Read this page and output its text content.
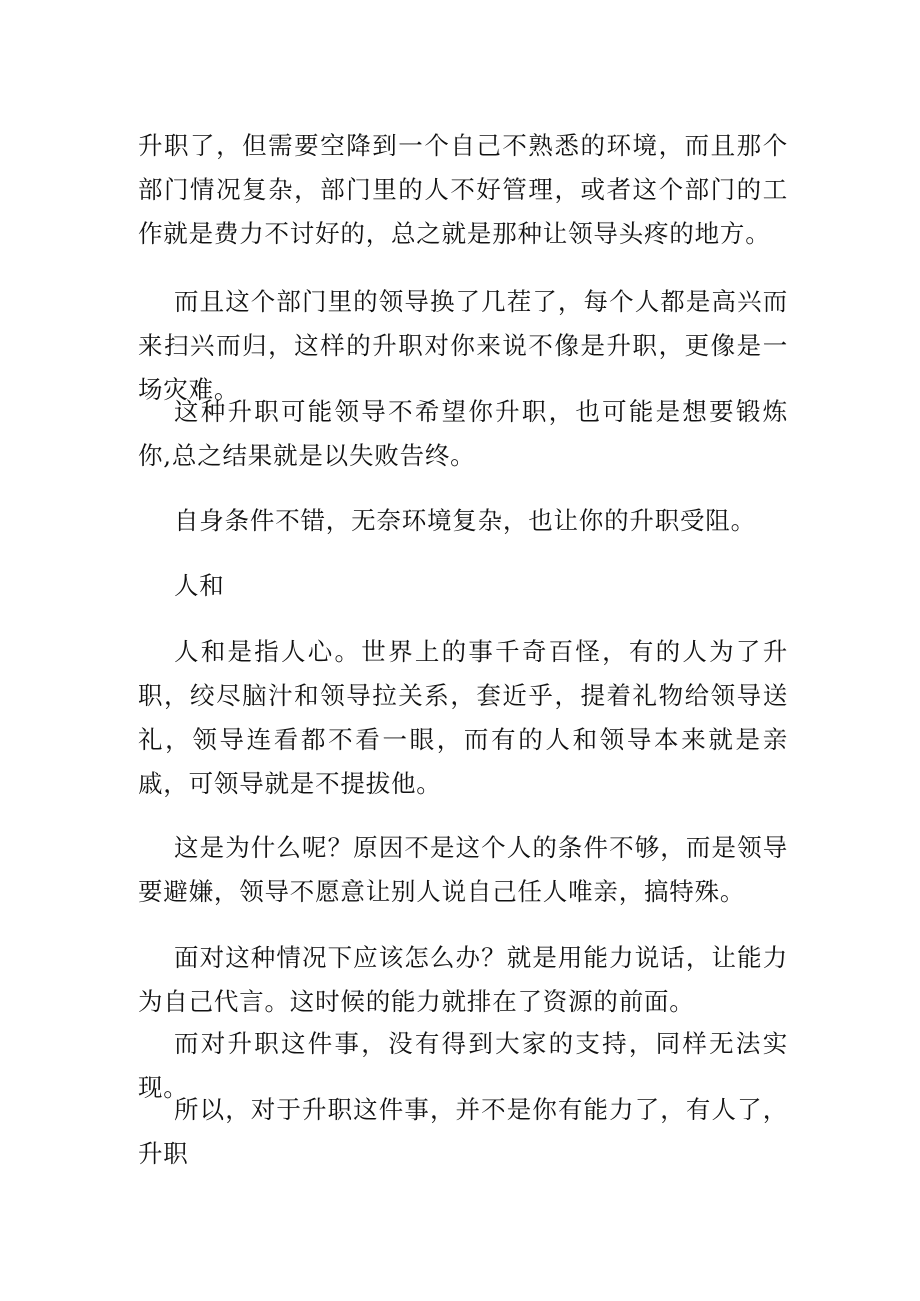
升职了，但需要空降到一个自己不熟悉的环境，而且那个部门情况复杂，部门里的人不好管理，或者这个部门的工作就是费力不讨好的，总之就是那种让领导头疼的地方。

而且这个部门里的领导换了几茬了，每个人都是高兴而来扫兴而归，这样的升职对你来说不像是升职，更像是一场灾难。

这种升职可能领导不希望你升职，也可能是想要锻炼你,总之结果就是以失败告终。

自身条件不错，无奈环境复杂，也让你的升职受阻。

人和

人和是指人心。世界上的事千奇百怪，有的人为了升职，绞尽脑汁和领导拉关系，套近乎，提着礼物给领导送礼，领导连看都不看一眼，而有的人和领导本来就是亲戚，可领导就是不提拔他。

这是为什么呢？原因不是这个人的条件不够，而是领导要避嫌，领导不愿意让别人说自己任人唯亲，搞特殊。

面对这种情况下应该怎么办？就是用能力说话，让能力为自己代言。这时候的能力就排在了资源的前面。

而对升职这件事，没有得到大家的支持，同样无法实现。

所以，对于升职这件事，并不是你有能力了，有人了，升职
